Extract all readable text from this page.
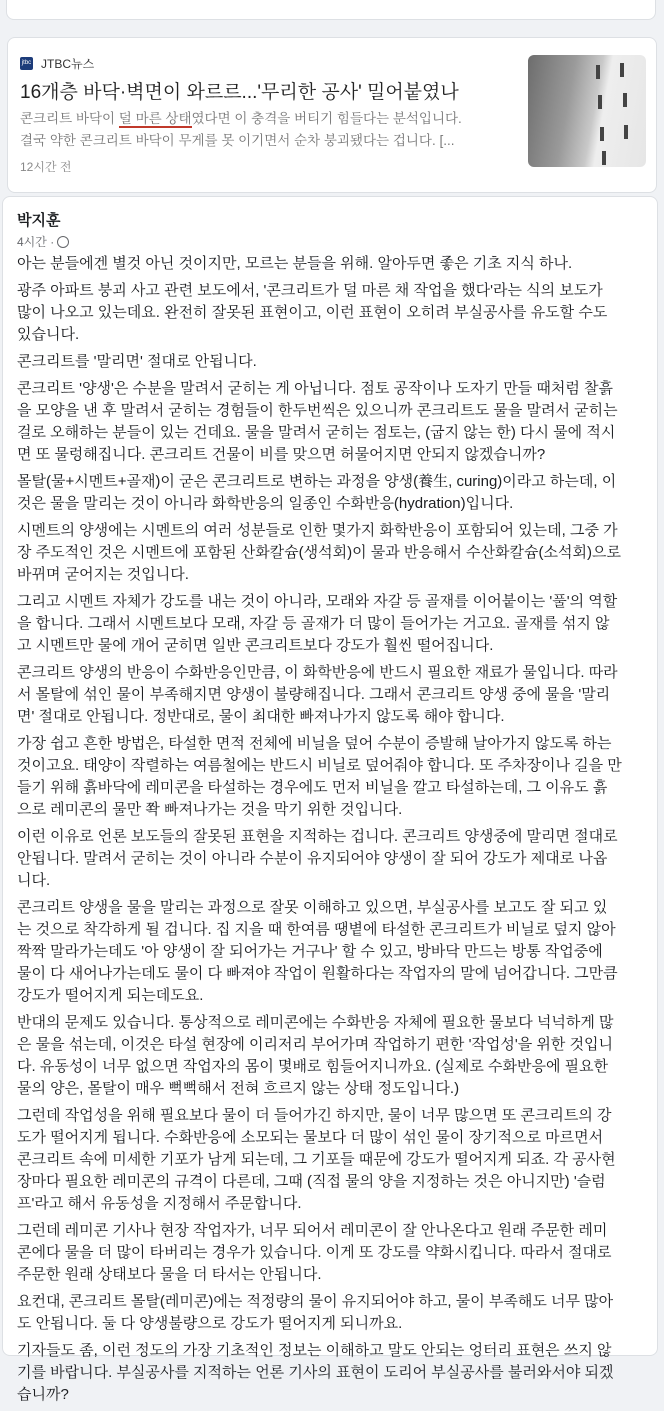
jtbc JTBC뉴스
16개층 바닥·벽면이 와르르...'무리한 공사' 밀어붙였나
콘크리트 바닥이 덜 마른 상태였다면 이 충격을 버티기 힘들다는 분석입니다.
결국 약한 콘크리트 바닥이 무게를 못 이기면서 순차 붕괴됐다는 겁니다. [...
12시간 전
박지훈
4시간 ·

아는 분들에겐 별것 아닌 것이지만, 모르는 분들을 위해. 알아두면 좋은 기초 지식 하나.

광주 아파트 붕괴 사고 관련 보도에서, '콘크리트가 덜 마른 채 작업을 했다'라는 식의 보도가
많이 나오고 있는데요. 완전히 잘못된 표현이고, 이런 표현이 오히려 부실공사를 유도할 수도
있습니다.

콘크리트를 '말리면' 절대로 안됩니다.

콘크리트 '양생'은 수분을 말려서 굳히는 게 아닙니다. 점토 공작이나 도자기 만들 때처럼 찰흙
을 모양을 낸 후 말려서 굳히는 경험들이 한두번씩은 있으니까 콘크리트도 물을 말려서 굳히는
걸로 오해하는 분들이 있는 건데요. 물을 말려서 굳히는 점토는, (굽지 않는 한) 다시 물에 적시
면 또 물렁해집니다. 콘크리트 건물이 비를 맞으면 허물어지면 안되지 않겠습니까?

몰탈(물+시멘트+골재)이 굳은 콘크리트로 변하는 과정을 양생(養生, curing)이라고 하는데, 이
것은 물을 말리는 것이 아니라 화학반응의 일종인 수화반응(hydration)입니다.

시멘트의 양생에는 시멘트의 여러 성분들로 인한 몇가지 화학반응이 포함되어 있는데, 그중 가
장 주도적인 것은 시멘트에 포함된 산화칼슘(생석회)이 물과 반응해서 수산화칼슘(소석회)으로
바뀌며 굳어지는 것입니다.

그리고 시멘트 자체가 강도를 내는 것이 아니라, 모래와 자갈 등 골재를 이어붙이는 '풀'의 역할
을 합니다. 그래서 시멘트보다 모래, 자갈 등 골재가 더 많이 들어가는 거고요. 골재를 섞지 않
고 시멘트만 물에 개어 굳히면 일반 콘크리트보다 강도가 훨씬 떨어집니다.

콘크리트 양생의 반응이 수화반응인만큼, 이 화학반응에 반드시 필요한 재료가 물입니다. 따라
서 몰탈에 섞인 물이 부족해지면 양생이 불량해집니다. 그래서 콘크리트 양생 중에 물을 '말리
면' 절대로 안됩니다. 정반대로, 물이 최대한 빠져나가지 않도록 해야 합니다.

가장 쉽고 흔한 방법은, 타설한 면적 전체에 비닐을 덮어 수분이 증발해 날아가지 않도록 하는
것이고요. 태양이 작렬하는 여름철에는 반드시 비닐로 덮어줘야 합니다. 또 주차장이나 길을 만
들기 위해 흙바닥에 레미콘을 타설하는 경우에도 먼저 비닐을 깔고 타설하는데, 그 이유도 흙
으로 레미콘의 물만 쫙 빠져나가는 것을 막기 위한 것입니다.

이런 이유로 언론 보도들의 잘못된 표현을 지적하는 겁니다. 콘크리트 양생중에 말리면 절대로
안됩니다. 말려서 굳히는 것이 아니라 수분이 유지되어야 양생이 잘 되어 강도가 제대로 나옵
니다.

콘크리트 양생을 물을 말리는 과정으로 잘못 이해하고 있으면, 부실공사를 보고도 잘 되고 있
는 것으로 착각하게 될 겁니다. 집 지을 때 한여름 땡볕에 타설한 콘크리트가 비닐로 덮지 않아
짝짝 말라가는데도 '아 양생이 잘 되어가는 거구나' 할 수 있고, 방바닥 만드는 방통 작업중에
물이 다 새어나가는데도 물이 다 빠져야 작업이 원활하다는 작업자의 말에 넘어갑니다. 그만큼
강도가 떨어지게 되는데도요.

반대의 문제도 있습니다. 통상적으로 레미콘에는 수화반응 자체에 필요한 물보다 넉넉하게 많
은 물을 섞는데, 이것은 타설 현장에 이리저리 부어가며 작업하기 편한 '작업성'을 위한 것입니
다. 유동성이 너무 없으면 작업자의 몸이 몇배로 힘들어지니까요. (실제로 수화반응에 필요한
물의 양은, 몰탈이 매우 뻑뻑해서 전혀 흐르지 않는 상태 정도입니다.)

그런데 작업성을 위해 필요보다 물이 더 들어가긴 하지만, 물이 너무 많으면 또 콘크리트의 강
도가 떨어지게 됩니다. 수화반응에 소모되는 물보다 더 많이 섞인 물이 장기적으로 마르면서
콘크리트 속에 미세한 기포가 남게 되는데, 그 기포들 때문에 강도가 떨어지게 되죠. 각 공사현
장마다 필요한 레미콘의 규격이 다른데, 그때 (직접 물의 양을 지정하는 것은 아니지만) '슬럼
프'라고 해서 유동성을 지정해서 주문합니다.

그런데 레미콘 기사나 현장 작업자가, 너무 되어서 레미콘이 잘 안나온다고 원래 주문한 레미
콘에다 물을 더 많이 타버리는 경우가 있습니다. 이게 또 강도를 약화시킵니다. 따라서 절대로
주문한 원래 상태보다 물을 더 타서는 안됩니다.

요컨대, 콘크리트 몰탈(레미콘)에는 적정량의 물이 유지되어야 하고, 물이 부족해도 너무 많아
도 안됩니다. 둘 다 양생불량으로 강도가 떨어지게 되니까요.

기자들도 좀, 이런 정도의 가장 기초적인 정보는 이해하고 말도 안되는 엉터리 표현은 쓰지 않
기를 바랍니다. 부실공사를 지적하는 언론 기사의 표현이 도리어 부실공사를 불러와서야 되겠
습니까?
